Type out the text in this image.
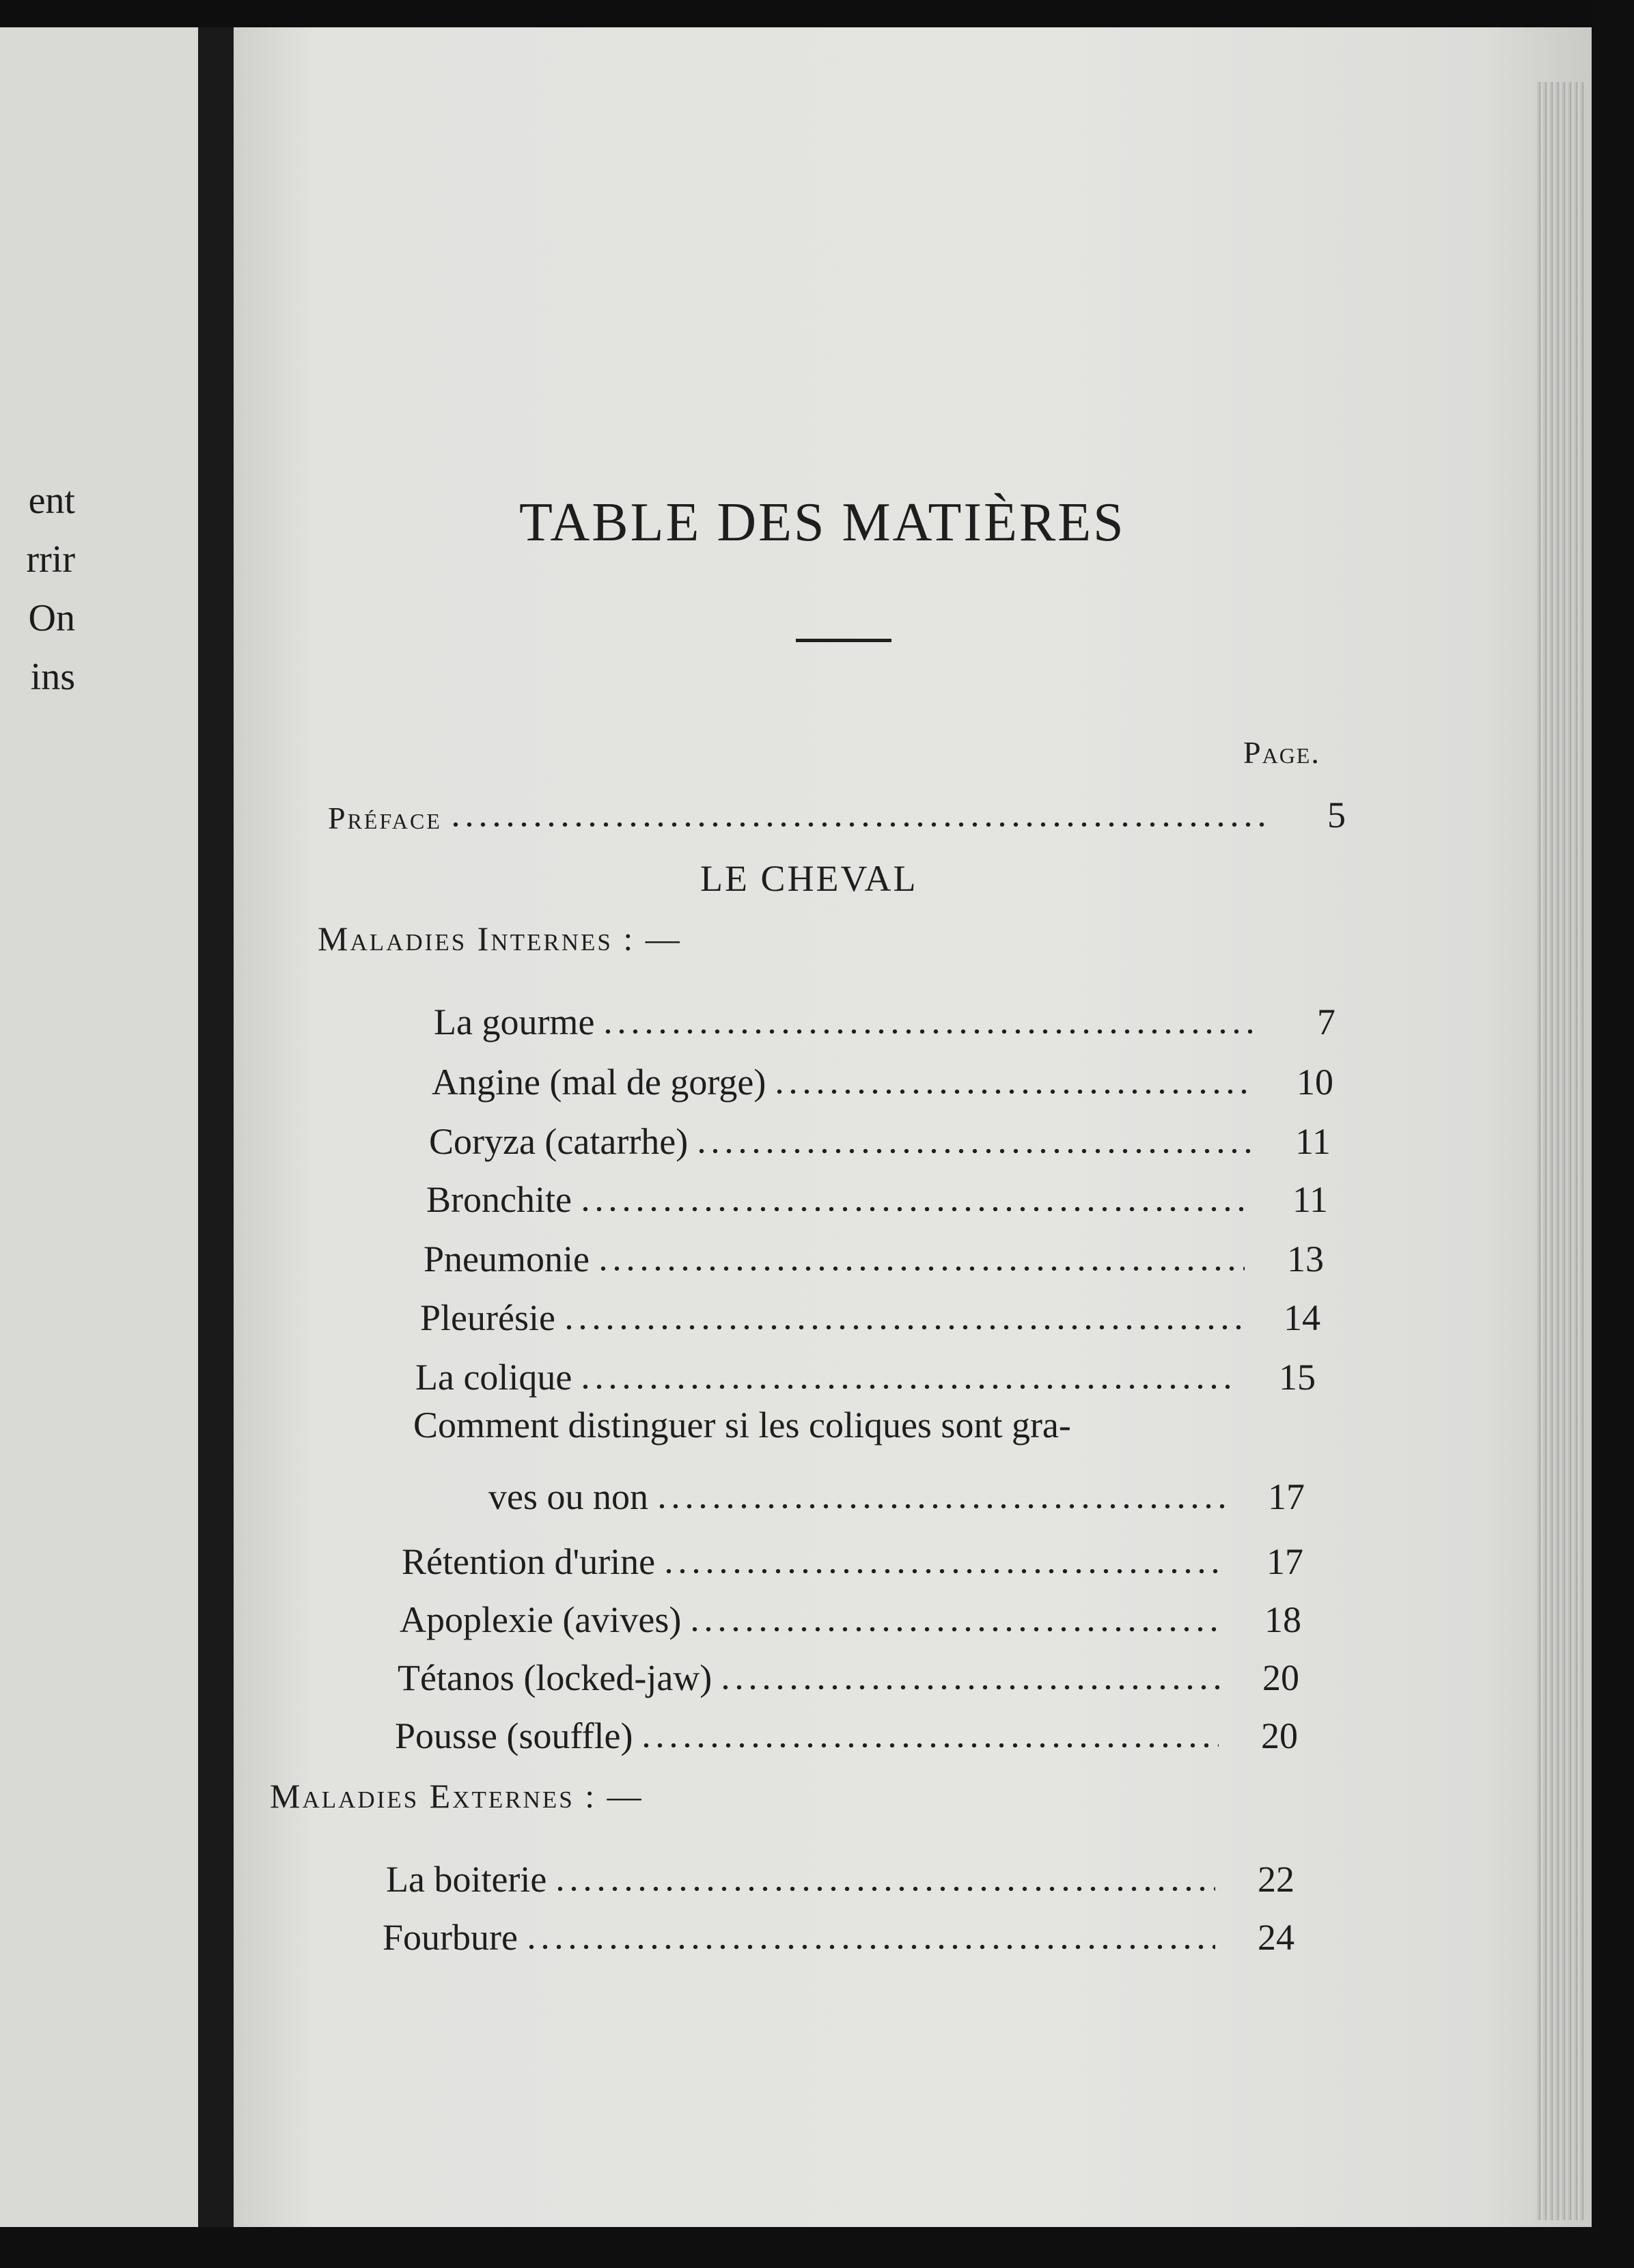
ent
rrir
On
ins
TABLE DES MATIÈRES
Page.
Préface	5
LE CHEVAL
Maladies Internes : —
La gourme	7
Angine (mal de gorge)	10
Coryza (catarrhe)	11
Bronchite	11
Pneumonie	13
Pleurésie	14
La colique	15
Comment distinguer si les coliques sont gra-
ves ou non	17
Rétention d'urine	17
Apoplexie (avives)	18
Tétanos (locked-jaw)	20
Pousse (souffle)	20
Maladies Externes : —
La boiterie	22
Fourbure	24
